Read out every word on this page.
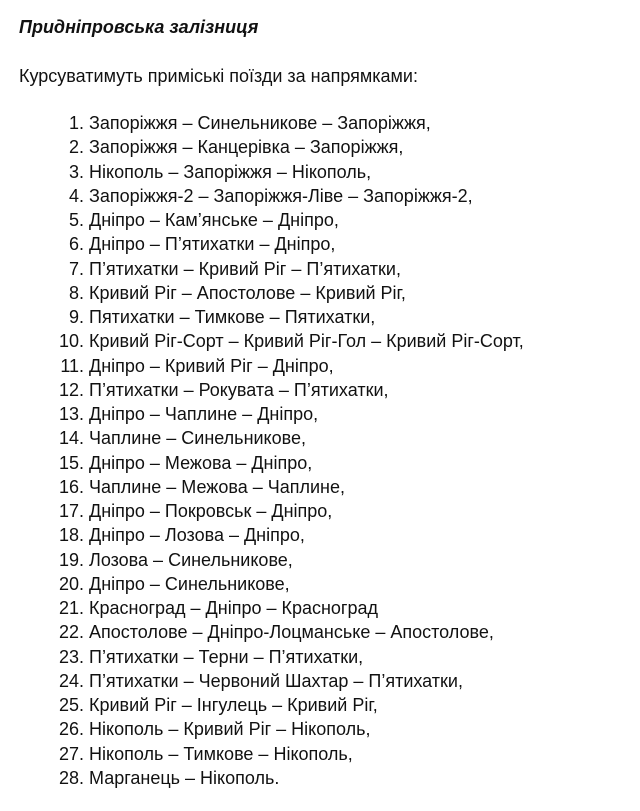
Придніпровська залізниця

Курсуватимуть приміські поїзди за напрямками:

1. Запоріжжя – Синельникове – Запоріжжя,
2. Запоріжжя – Канцерівка – Запоріжжя,
3. Нікополь – Запоріжжя – Нікополь,
4. Запоріжжя-2 – Запоріжжя-Ліве – Запоріжжя-2,
5. Дніпро – Кам’янське – Дніпро,
6. Дніпро – П’ятихатки – Дніпро,
7. П’ятихатки – Кривий Ріг – П’ятихатки,
8. Кривий Ріг – Апостолове – Кривий Ріг,
9. Пятихатки – Тимкове – Пятихатки,
10. Кривий Ріг-Сорт – Кривий Ріг-Гол – Кривий Ріг-Сорт,
11. Дніпро – Кривий Ріг – Дніпро,
12. П’ятихатки – Рокувата – П’ятихатки,
13. Дніпро – Чаплине – Дніпро,
14. Чаплине – Синельникове,
15. Дніпро – Межова – Дніпро,
16. Чаплине – Межова – Чаплине,
17. Дніпро – Покровськ – Дніпро,
18. Дніпро – Лозова – Дніпро,
19. Лозова – Синельникове,
20. Дніпро – Синельникове,
21. Красноград – Дніпро – Красноград
22. Апостолове – Дніпро-Лоцманське – Апостолове,
23. П’ятихатки – Терни – П’ятихатки,
24. П’ятихатки – Червоний Шахтар – П’ятихатки,
25. Кривий Ріг – Інгулець – Кривий Ріг,
26. Нікополь – Кривий Ріг – Нікополь,
27. Нікополь – Тимкове – Нікополь,
28. Марганець – Нікополь.
